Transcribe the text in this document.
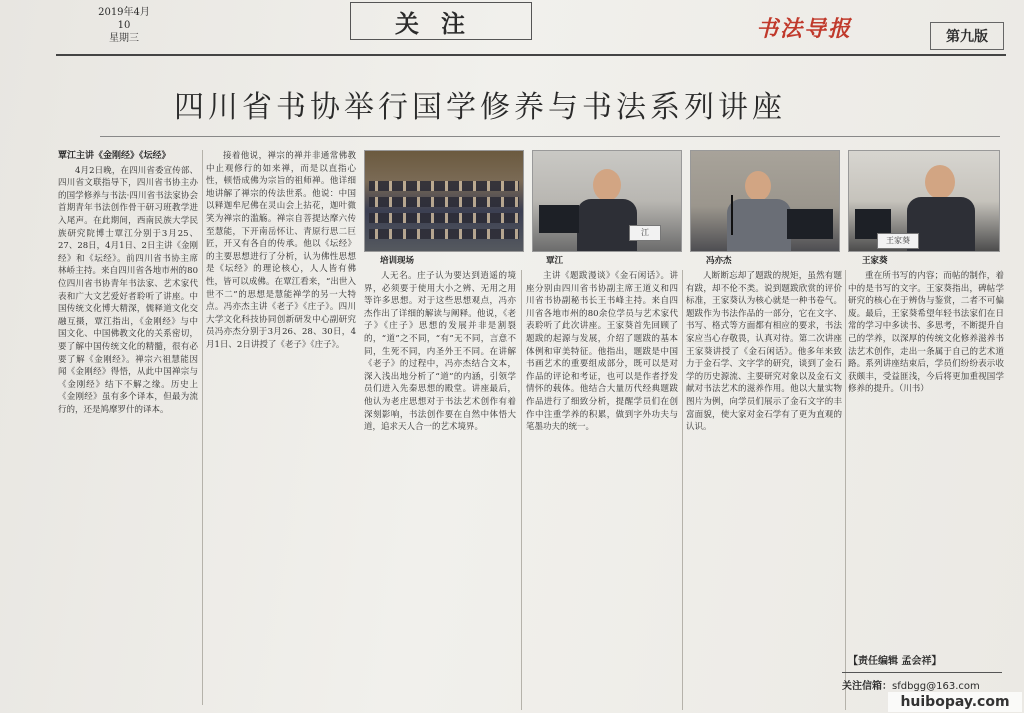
2019年4月
10
星期三
关注	书法导报	第九版
四川省书协举行国学修养与书法系列讲座
覃江主讲《金刚经》《坛经》

4月2日晚，在四川省委宣传部、四川省文联指导下，四川省书协主办的国学修养与书法·四川省书法家协会首期青年书法创作骨干研习班教学进入尾声。在此期间，西南民族大学民族研究院博士覃江分别于3月25、27、28日，4月1日、2日主讲《金刚经》和《坛经》。前四川省书协主席林峤主持。来自四川省各地市州的80位四川省书协青年书法家、艺术家代表和广大文艺爱好者聆听了讲座。中国传统文化博大精深，儒释道文化交融互摄，覃江指出，《金刚经》与中国文化、中国佛教文化的关系密切，要了解中国传统文化的精髓，很有必要了解《金刚经》。禅宗六祖慧能因闻《金刚经》得悟，从此中国禅宗与《金刚经》结下不解之缘。历史上《金刚经》虽有多个译本，但最为流行的，还是鸠摩罗什的译本。

接着他说，禅宗的禅并非通常佛教中止观修行的如来禅，而是以直指心性，顿悟成佛为宗旨的祖师禅。他详细地讲解了禅宗的传法世系。他说：中国以释迦牟尼佛在灵山会上拈花，迦叶微笑为禅宗的滥觞。禅宗自菩提达摩六传至慧能，下开南岳怀让、青原行思二巨匠，开又有各自的传承。他以《坛经》的主要思想进行了分析，认为佛性思想是《坛经》的理论核心，人人皆有佛性，皆可以成佛。在覃江看来，“出世入世不二”的思想是慧能禅学的另一大特点。冯亦杰主讲《老子》《庄子》。四川大学文化科技协同创新研发中心副研究员冯亦杰分别于3月26、28、30日，4月1日、2日讲授了《老子》《庄子》。

培训现场
江
覃江	冯亦杰
王家葵
王家葵

人无名。庄子认为要达到逍遥的境界，必须要于使用大小之辨、无用之用等许多思想。对于这些思想观点，冯亦杰作出了详细的解读与阐释。他说，《老子》《庄子》思想的发展并非是割裂的，“道”之不同，“有”无不同，言意不同，生死不同，内圣外王不同。在讲解《老子》的过程中，冯亦杰结合文本，深入浅出地分析了“道”的内涵，引领学员们进入先秦思想的殿堂。讲座最后，他认为老庄思想对于书法艺术创作有着深刻影响，书法创作要在自然中体悟大道，追求天人合一的艺术境界。

主讲《题跋漫谈》《金石闲话》。讲座分别由四川省书协副主席王道义和四川省书协副秘书长王书峰主持。来自四川省各地市州的80余位学员与艺术家代表聆听了此次讲座。王家葵首先回顾了题跋的起源与发展，介绍了题跋的基本体例和审美特征。他指出，题跋是中国书画艺术的重要组成部分，既可以是对作品的评论和考证，也可以是作者抒发情怀的载体。他结合大量历代经典题跋作品进行了细致分析，提醒学员们在创作中注重学养的积累，做到字外功夫与笔墨功夫的统一。

人断断忘却了题跋的规矩，虽然有题有跋，却不伦不类。说到题跋欣赏的评价标准，王家葵认为核心就是一种书卷气。题跋作为书法作品的一部分，它在文字、书写、格式等方面都有相应的要求，书法家应当心存敬畏，认真对待。第二次讲座王家葵讲授了《金石闲话》。他多年来致力于金石学、文字学的研究，谈到了金石学的历史源流、主要研究对象以及金石文献对书法艺术的滋养作用。他以大量实物图片为例，向学员们展示了金石文字的丰富面貌，使大家对金石学有了更为直观的认识。

重在所书写的内容；而帖的制作，着中的是书写的文字。王家葵指出，碑帖学研究的核心在于辨伪与鉴赏，二者不可偏废。最后，王家葵希望年轻书法家们在日常的学习中多读书、多思考，不断提升自己的学养，以深厚的传统文化修养滋养书法艺术创作，走出一条属于自己的艺术道路。系列讲座结束后，学员们纷纷表示收获颇丰，受益匪浅，今后将更加重视国学修养的提升。（川书）

【责任编辑 孟会祥】
关注信箱：sfdbgg@163.com
huibopay.com
